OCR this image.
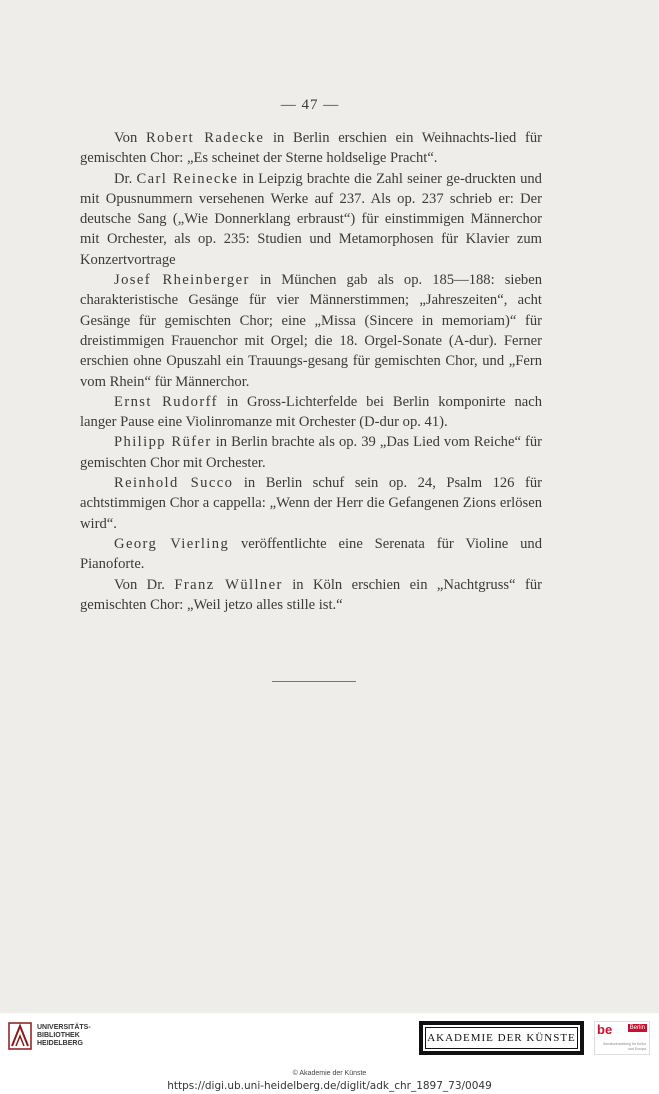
— 47 —

Von Robert Radecke in Berlin erschien ein Weihnachts-lied für gemischten Chor: „Es scheinet der Sterne holdselige Pracht“.

Dr. Carl Reinecke in Leipzig brachte die Zahl seiner ge-druckten und mit Opusnummern versehenen Werke auf 237. Als op. 237 schrieb er: Der deutsche Sang („Wie Donnerklang erbraust“) für einstimmigen Männerchor mit Orchester, als op. 235: Studien und Metamorphosen für Klavier zum Konzertvortrage

Josef Rheinberger in München gab als op. 185—188: sieben charakteristische Gesänge für vier Männerstimmen; „Jahreszeiten“, acht Gesänge für gemischten Chor; eine „Missa (Sincere in memoriam)“ für dreistimmigen Frauenchor mit Orgel; die 18. Orgel-Sonate (A-dur). Ferner erschien ohne Opuszahl ein Trauungs-gesang für gemischten Chor, und „Fern vom Rhein“ für Männerchor.

Ernst Rudorff in Gross-Lichterfelde bei Berlin komponirte nach langer Pause eine Violinromanze mit Orchester (D-dur op. 41).

Philipp Rüfer in Berlin brachte als op. 39 „Das Lied vom Reiche“ für gemischten Chor mit Orchester.

Reinhold Succo in Berlin schuf sein op. 24, Psalm 126 für achtstimmigen Chor a cappella: „Wenn der Herr die Gefangenen Zions erlösen wird“.

Georg Vierling veröffentlichte eine Serenata für Violine und Pianoforte.

Von Dr. Franz Wüllner in Köln erschien ein „Nachtgruss“ für gemischten Chor: „Weil jetzo alles stille ist.“

UNIVERSITÄTS-
BIBLIOTHEK
HEIDELBERG	AKADEMIE DER KÜNSTE
be	Berlin
Senatsverwaltung für Kultur und Europa
© Akademie der Künste
https://digi.ub.uni-heidelberg.de/diglit/adk_chr_1897_73/0049
